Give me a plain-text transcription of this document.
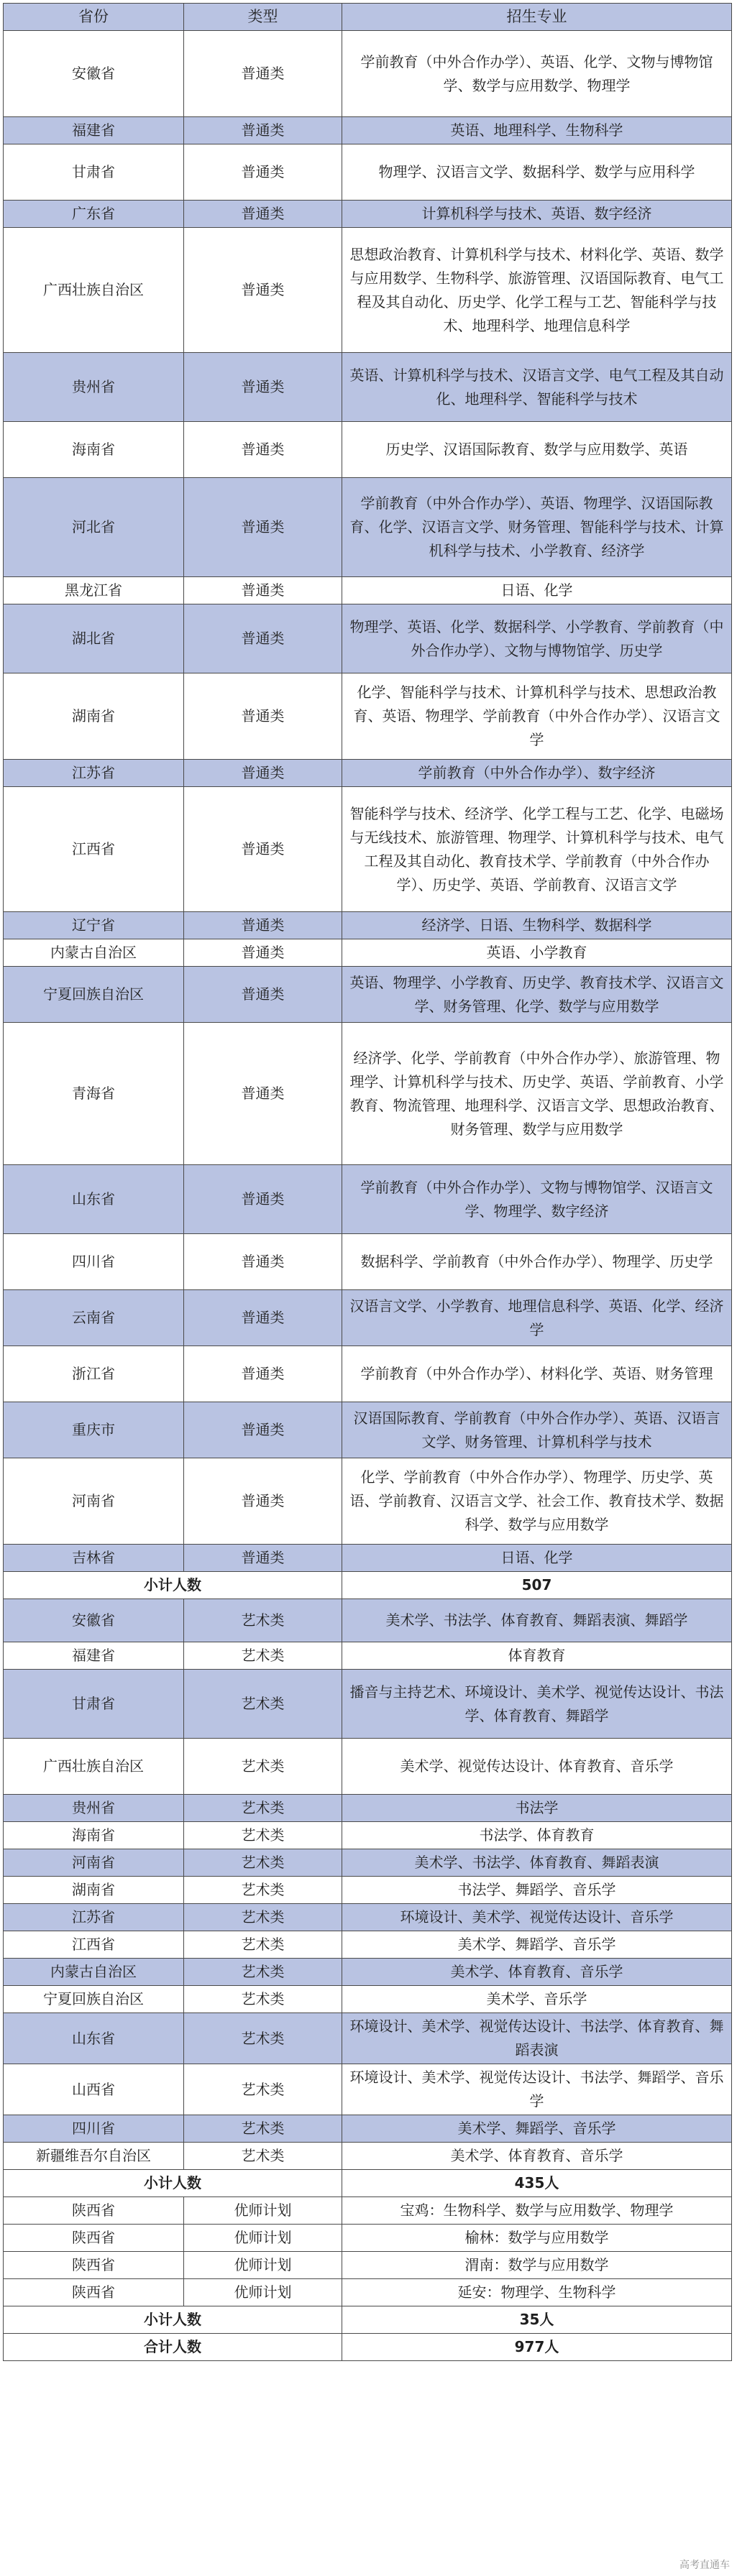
省份	类型	招生专业
安徽省	普通类	学前教育（中外合作办学）、英语、化学、文物与博物馆学、数学与应用数学、物理学
福建省	普通类	英语、地理科学、生物科学
甘肃省	普通类	物理学、汉语言文学、数据科学、数学与应用科学
广东省	普通类	计算机科学与技术、英语、数字经济
广西壮族自治区	普通类	思想政治教育、计算机科学与技术、材料化学、英语、数学与应用数学、生物科学、旅游管理、汉语国际教育、电气工程及其自动化、历史学、化学工程与工艺、智能科学与技术、地理科学、地理信息科学
贵州省	普通类	英语、计算机科学与技术、汉语言文学、电气工程及其自动化、地理科学、智能科学与技术
海南省	普通类	历史学、汉语国际教育、数学与应用数学、英语
河北省	普通类	学前教育（中外合作办学）、英语、物理学、汉语国际教育、化学、汉语言文学、财务管理、智能科学与技术、计算机科学与技术、小学教育、经济学
黑龙江省	普通类	日语、化学
湖北省	普通类	物理学、英语、化学、数据科学、小学教育、学前教育（中外合作办学）、文物与博物馆学、历史学
湖南省	普通类	化学、智能科学与技术、计算机科学与技术、思想政治教育、英语、物理学、学前教育（中外合作办学）、汉语言文学
江苏省	普通类	学前教育（中外合作办学）、数字经济
江西省	普通类	智能科学与技术、经济学、化学工程与工艺、化学、电磁场与无线技术、旅游管理、物理学、计算机科学与技术、电气工程及其自动化、教育技术学、学前教育（中外合作办学）、历史学、英语、学前教育、汉语言文学
辽宁省	普通类	经济学、日语、生物科学、数据科学
内蒙古自治区	普通类	英语、小学教育
宁夏回族自治区	普通类	英语、物理学、小学教育、历史学、教育技术学、汉语言文学、财务管理、化学、数学与应用数学
青海省	普通类	经济学、化学、学前教育（中外合作办学）、旅游管理、物理学、计算机科学与技术、历史学、英语、学前教育、小学教育、物流管理、地理科学、汉语言文学、思想政治教育、财务管理、数学与应用数学
山东省	普通类	学前教育（中外合作办学）、文物与博物馆学、汉语言文学、物理学、数字经济
四川省	普通类	数据科学、学前教育（中外合作办学）、物理学、历史学
云南省	普通类	汉语言文学、小学教育、地理信息科学、英语、化学、经济学
浙江省	普通类	学前教育（中外合作办学）、材料化学、英语、财务管理
重庆市	普通类	汉语国际教育、学前教育（中外合作办学）、英语、汉语言文学、财务管理、计算机科学与技术
河南省	普通类	化学、学前教育（中外合作办学）、物理学、历史学、英语、学前教育、汉语言文学、社会工作、教育技术学、数据科学、数学与应用数学
吉林省	普通类	日语、化学
小计人数		507
安徽省	艺术类	美术学、书法学、体育教育、舞蹈表演、舞蹈学
福建省	艺术类	体育教育
甘肃省	艺术类	播音与主持艺术、环境设计、美术学、视觉传达设计、书法学、体育教育、舞蹈学
广西壮族自治区	艺术类	美术学、视觉传达设计、体育教育、音乐学
贵州省	艺术类	书法学
海南省	艺术类	书法学、体育教育
河南省	艺术类	美术学、书法学、体育教育、舞蹈表演
湖南省	艺术类	书法学、舞蹈学、音乐学
江苏省	艺术类	环境设计、美术学、视觉传达设计、音乐学
江西省	艺术类	美术学、舞蹈学、音乐学
内蒙古自治区	艺术类	美术学、体育教育、音乐学
宁夏回族自治区	艺术类	美术学、音乐学
山东省	艺术类	环境设计、美术学、视觉传达设计、书法学、体育教育、舞蹈表演
山西省	艺术类	环境设计、美术学、视觉传达设计、书法学、舞蹈学、音乐学
四川省	艺术类	美术学、舞蹈学、音乐学
新疆维吾尔自治区	艺术类	美术学、体育教育、音乐学
小计人数		435人
陕西省	优师计划	宝鸡：生物科学、数学与应用数学、物理学
陕西省	优师计划	榆林：数学与应用数学
陕西省	优师计划	渭南：数学与应用数学
陕西省	优师计划	延安：物理学、生物科学
小计人数		35人
合计人数		977人
高考直通车
